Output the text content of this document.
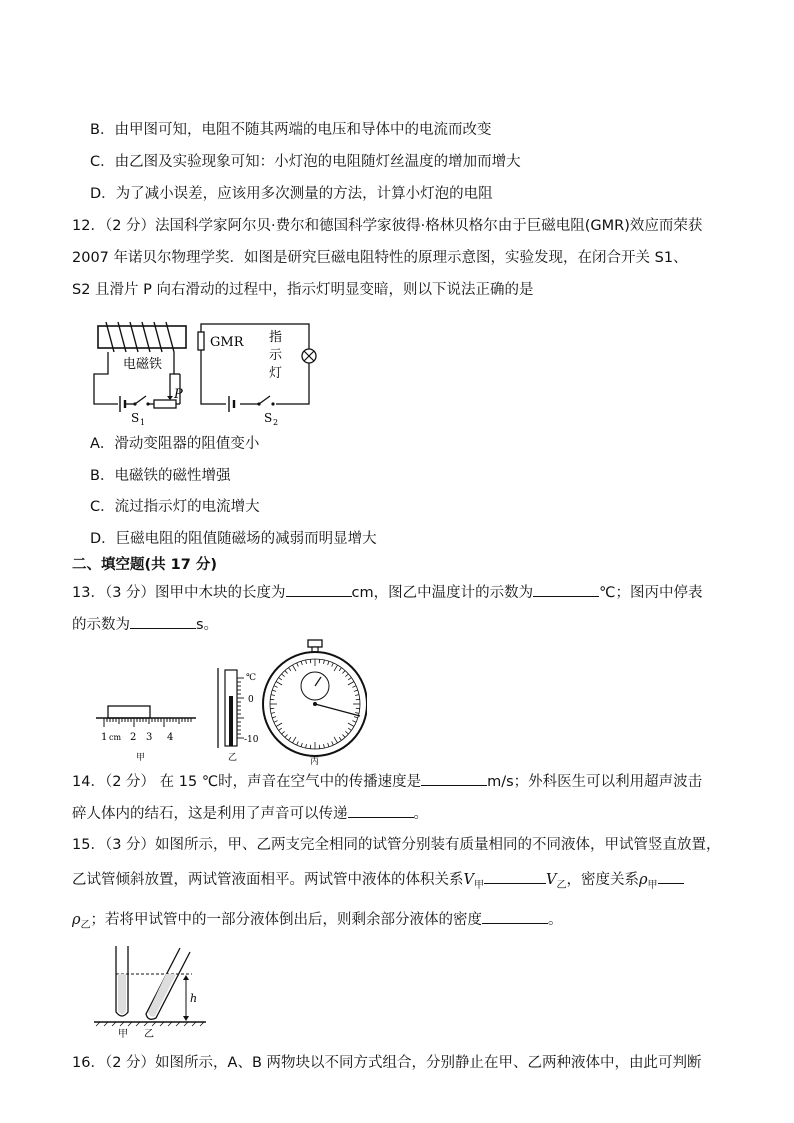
B．由甲图可知，电阻不随其两端的电压和导体中的电流而改变
C．由乙图及实验现象可知：小灯泡的电阻随灯丝温度的增加而增大
D．为了减小误差，应该用多次测量的方法，计算小灯泡的电阻
12．（2 分）法国科学家阿尔贝·费尔和德国科学家彼得·格林贝格尔由于巨磁电阻(GMR)效应而荣获
2007 年诺贝尔物理学奖．如图是研究巨磁电阻特性的原理示意图，实验发现，在闭合开关 S1、
S2 且滑片 P 向右滑动的过程中，指示灯明显变暗，则以下说法正确的是
电磁铁
S 1
P
GMR 指
示
灯
S 2
A．滑动变阻器的阻值变小
B．电磁铁的磁性增强
C．流过指示灯的电流增大
D．巨磁电阻的阻值随磁场的减弱而明显增大
二、填空题(共 17 分)
13．（3 分）图甲中木块的长度为	cm，图乙中温度计的示数为	℃；图丙中停表
的示数为	s。
1 cm 2 3 4
甲
℃
0
-10
乙	丙
14．（2 分） 在 15 ℃时，声音在空气中的传播速度是	m/s；外科医生可以利用超声波击
碎人体内的结石，这是利用了声音可以传递	。
15．（3 分）如图所示，甲、乙两支完全相同的试管分别装有质量相同的不同液体，甲试管竖直放置，
乙试管倾斜放置，两试管液面相平。两试管中液体的体积关系$V_甲$	$V_乙$，密度关系$\rho_甲$
$\rho_乙$；若将甲试管中的一部分液体倒出后，则剩余部分液体的密度	。
h
甲 乙
16．（2 分）如图所示，A、B 两物块以不同方式组合，分别静止在甲、乙两种液体中，由此可判断
